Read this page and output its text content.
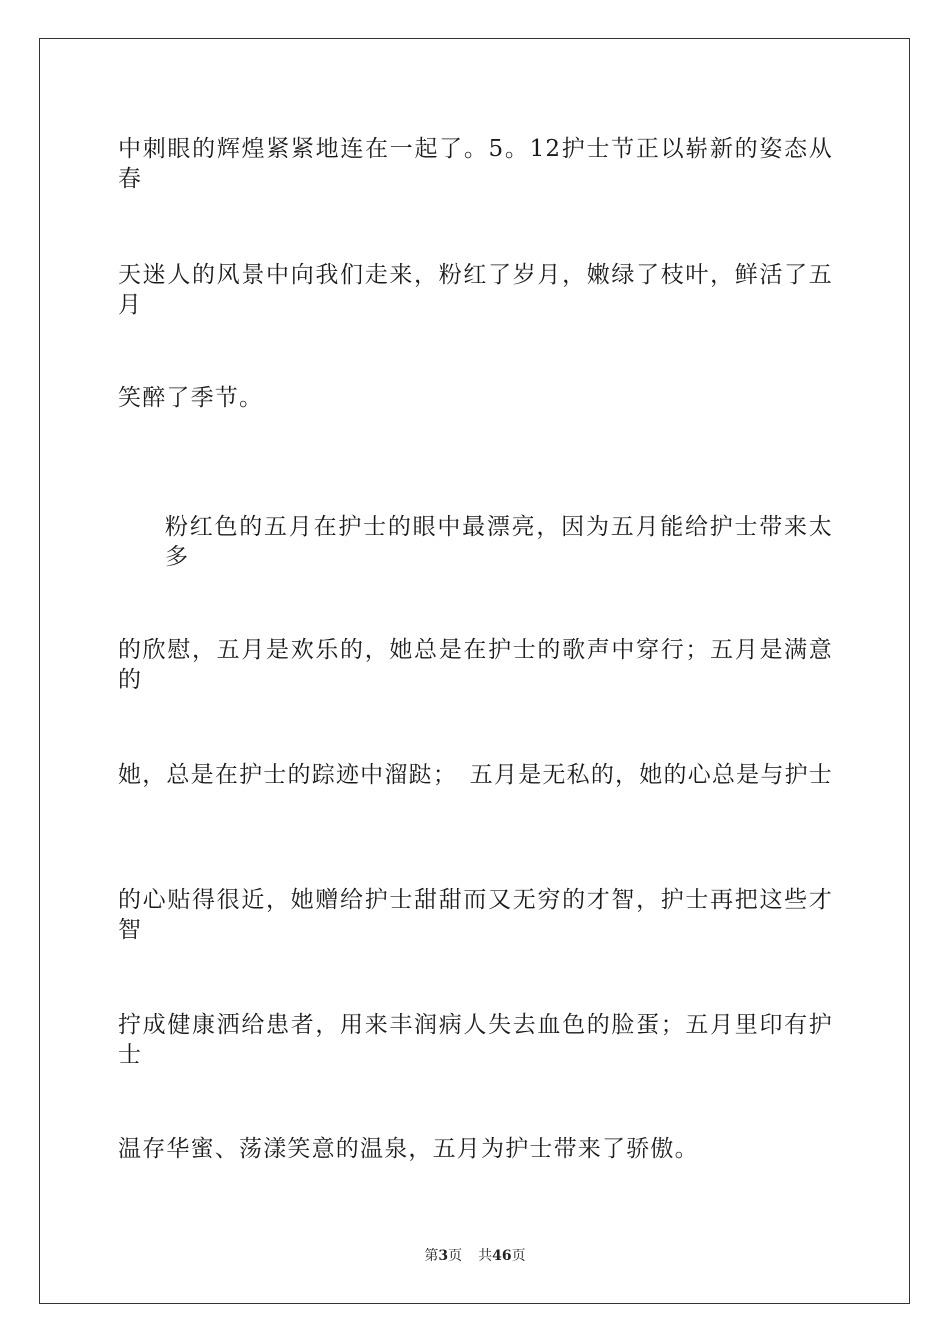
中刺眼的辉煌紧紧地连在一起了。5。12护士节正以崭新的姿态从春
天迷人的风景中向我们走来，粉红了岁月，嫩绿了枝叶，鲜活了五月
笑醉了季节。
粉红色的五月在护士的眼中最漂亮，因为五月能给护士带来太多
的欣慰，五月是欢乐的，她总是在护士的歌声中穿行；五月是满意的
她，总是在护士的踪迹中溜跶；　五月是无私的，她的心总是与护士
的心贴得很近，她赠给护士甜甜而又无穷的才智，护士再把这些才智
拧成健康洒给患者，用来丰润病人失去血色的脸蛋；五月里印有护士
温存华蜜、荡漾笑意的温泉，五月为护士带来了骄傲。
第3页 共46页
